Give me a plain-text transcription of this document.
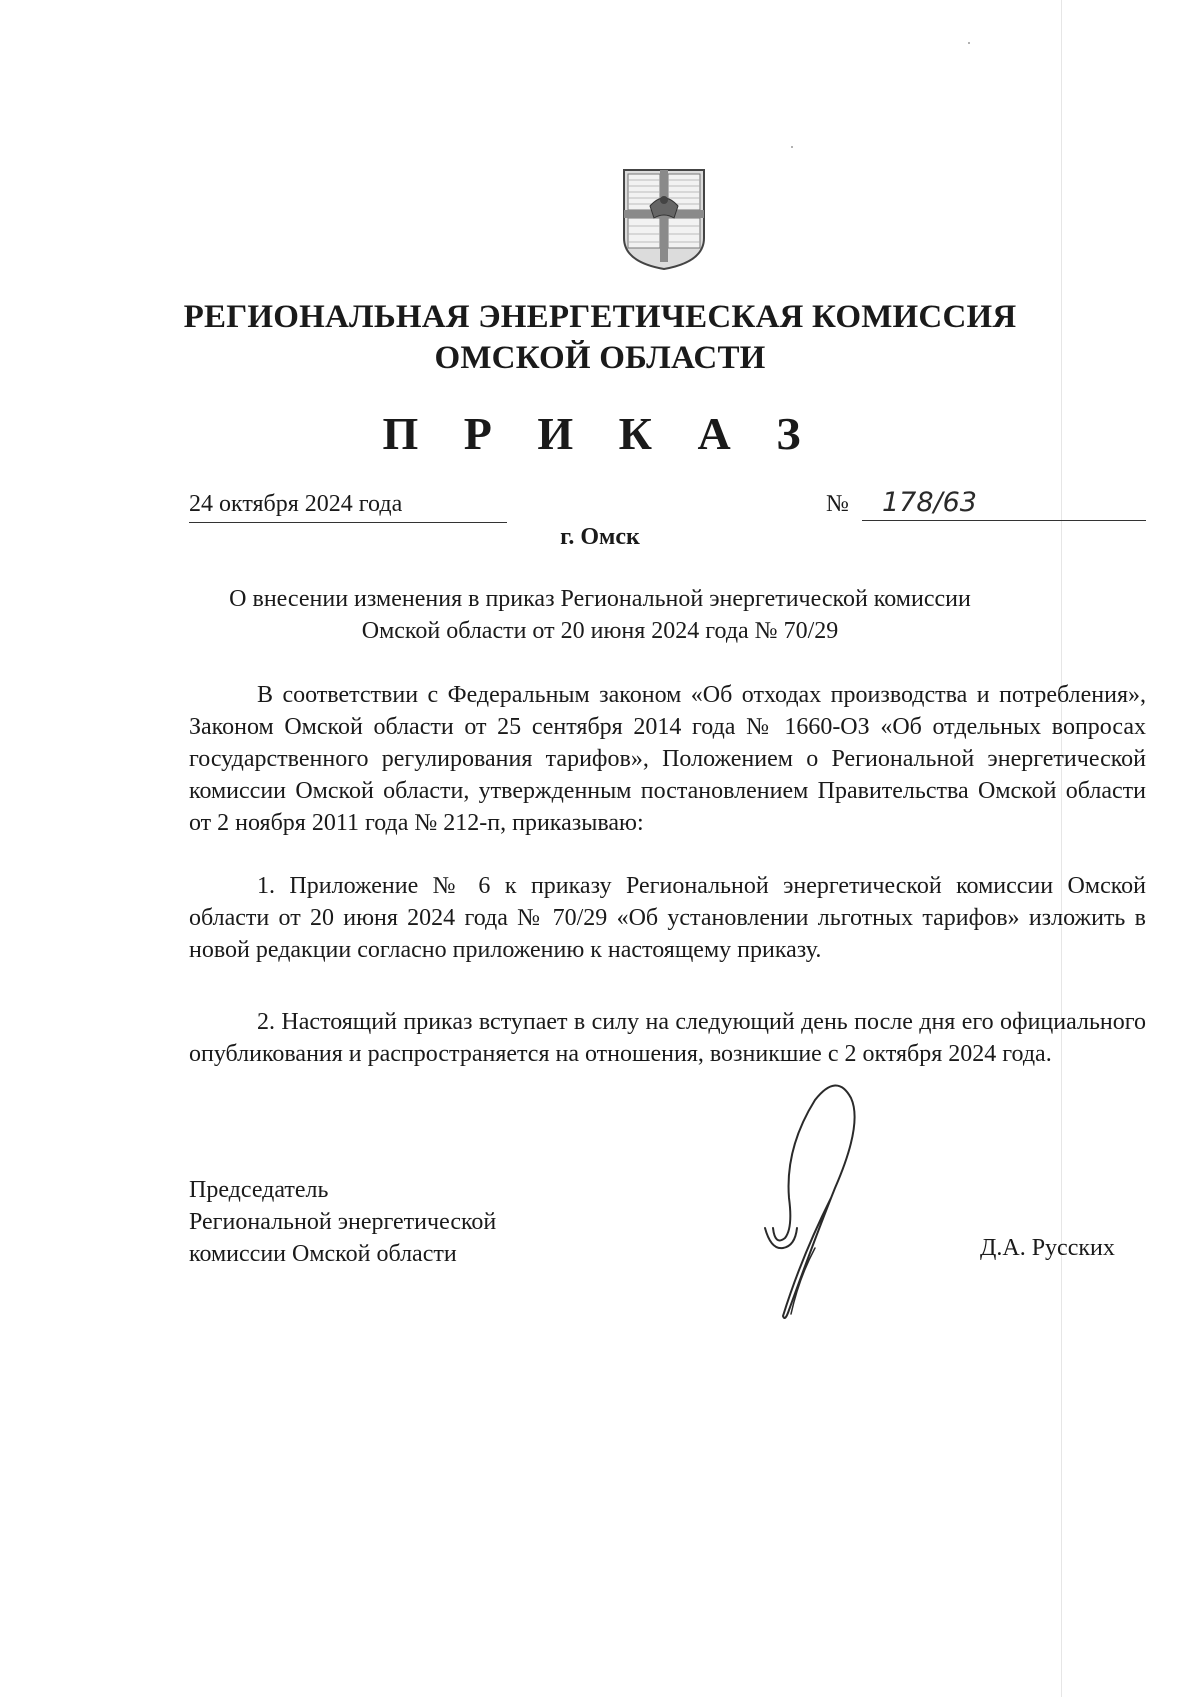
РЕГИОНАЛЬНАЯ ЭНЕРГЕТИЧЕСКАЯ КОМИССИЯ
ОМСКОЙ ОБЛАСТИ
П Р И К А З
24 октября 2024 года	№ 178/63
г. Омск
О внесении изменения в приказ Региональной энергетической комиссии Омской области от 20 июня 2024 года № 70/29
В соответствии с Федеральным законом «Об отходах производства и потребления», Законом Омской области от 25 сентября 2014 года № 1660-ОЗ «Об отдельных вопросах государственного регулирования тарифов», Положением о Региональной энергетической комиссии Омской области, утвержденным постановлением Правительства Омской области от 2 ноября 2011 года № 212-п, приказываю:
1. Приложение № 6 к приказу Региональной энергетической комиссии Омской области от 20 июня 2024 года № 70/29 «Об установлении льготных тарифов» изложить в новой редакции согласно приложению к настоящему приказу.
2. Настоящий приказ вступает в силу на следующий день после дня его официального опубликования и распространяется на отношения, возникшие с 2 октября 2024 года.
Председатель
Региональной энергетической
комиссии Омской области	Д.А. Русских
